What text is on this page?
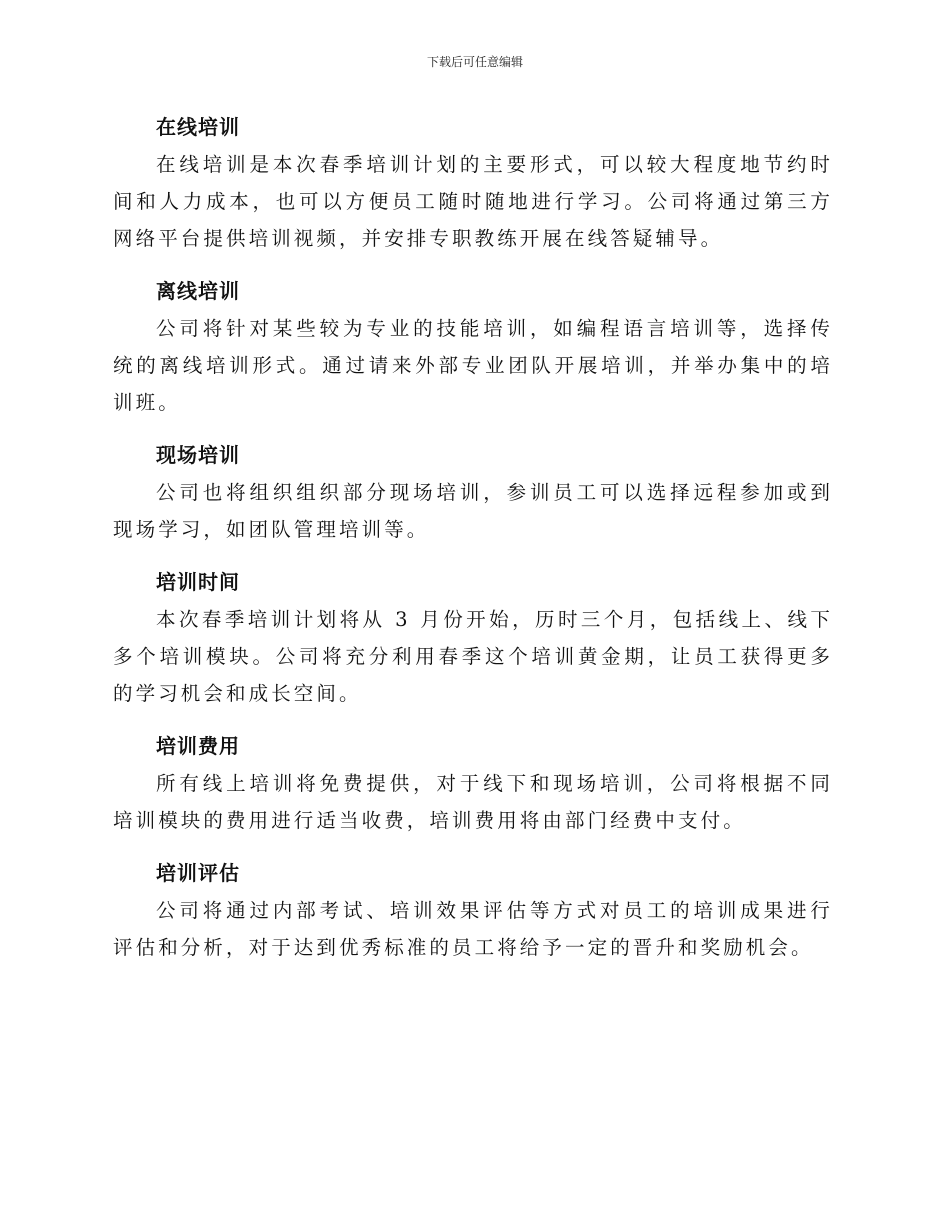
下载后可任意编辑
在线培训

在线培训是本次春季培训计划的主要形式，可以较大程度地节约时间和人力成本，也可以方便员工随时随地进行学习。公司将通过第三方网络平台提供培训视频，并安排专职教练开展在线答疑辅导。

离线培训

公司将针对某些较为专业的技能培训，如编程语言培训等，选择传统的离线培训形式。通过请来外部专业团队开展培训，并举办集中的培训班。

现场培训

公司也将组织组织部分现场培训，参训员工可以选择远程参加或到现场学习，如团队管理培训等。

培训时间

本次春季培训计划将从 3 月份开始，历时三个月，包括线上、线下多个培训模块。公司将充分利用春季这个培训黄金期，让员工获得更多的学习机会和成长空间。

培训费用

所有线上培训将免费提供，对于线下和现场培训，公司将根据不同培训模块的费用进行适当收费，培训费用将由部门经费中支付。

培训评估

公司将通过内部考试、培训效果评估等方式对员工的培训成果进行评估和分析，对于达到优秀标准的员工将给予一定的晋升和奖励机会。
